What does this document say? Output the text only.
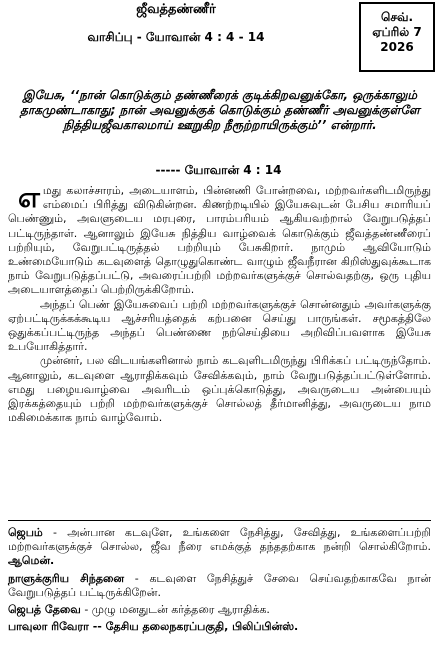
ஜீவத்தண்ணீர்
வாசிப்பு - யோவான் 4 : 4 - 14
செவ்.
ஏப்ரில் 7
2026
இயேசு, ‘‘நான் கொடுக்கும் தண்ணீரைக் குடிக்கிறவனுக்கோ, ஒருக்காலும் தாகமுண்டாகாது; நான் அவனுக்குக் கொடுக்கும் தண்ணீர் அவனுக்குள்ளே நித்தியஜீவகாலமாய் ஊறுகிற நீரூற்றாயிருக்கும்’’ என்றார்.
----- யோவான் 4 : 14

எமது கலாச்சாரம், அடையாளம், பின்னணி போன்றவை, மற்றவர்களிடமிருந்து எம்மைப் பிரித்து விடுகின்றன. கிணற்றடியில் இயேசுவுடன் பேசிய சமாரியப் பெண்ணும், அவளுடைய மரபுரை, பாரம்பரியம் ஆகியவற்றால் வேறுபடுத்தப் பட்டிருந்தாள். ஆனாலும் இயேசு நித்திய வாழ்வைக் கொடுக்கும் ஜீவத்தண்ணீரைப் பற்றியும், வேறுபட்டிருத்தல் பற்றியும் பேசுகிறார். நாமும் ஆவியோடும் உண்மையோடும் கடவுளைத் தொழுதுகொண்ட வாழும் ஜீவநீரான கிறிஸ்துவுக்கூடாக நாம் வேறுபடுத்தப்பட்டு, அவரைப்பற்றி மற்றவர்களுக்குச் சொல்வதற்கு, ஒரு புதிய அடையாளத்தைப் பெற்றிருக்கிறோம்.

அந்தப் பெண் இயேசுவைப் பற்றி மற்றவர்களுக்குச் சொன்னதும் அவர்களுக்கு ஏற்பட்டிருக்கக்கூடிய ஆச்சரியத்தைக் கற்பனை செய்து பாருங்கள். சமூகத்திலே ஒதுக்கப்பட்டிருந்த அந்தப் பெண்ணை நற்செய்தியை அறிவிப்பவளாக இயேசு உபயோகித்தார்.

முன்னர், பல விடயங்களினால் நாம் கடவுளிடமிருந்து பிரிக்கப் பட்டிருந்தோம். ஆனாலும், கடவுளை ஆராதிக்கவும் சேவிக்கவும், நாம் வேறுபடுத்தப்பட்டுள்ளோம். எமது பழையவாழ்வை அவரிடம் ஒப்புக்கொடுத்து, அவருடைய அன்பையும் இரக்கத்தையும் பற்றி மற்றவர்களுக்குச் சொல்லத் தீர்மானித்து, அவருடைய நாம மகிமைக்காக நாம் வாழ்வோம்.

ஜெபம் - அன்பான கடவுளே, உங்களை நேசித்து, சேவித்து, உங்களைப்பற்றி மற்றவர்களுக்குச் சொல்ல, ஜீவ நீரை எமக்குத் தந்ததற்காக நன்றி சொல்கிறோம். ஆமென்.

நாளுக்குரிய சிந்தனை - கடவுளை நேசித்துச் சேவை செய்வதற்காகவே நான் வேறுபடுத்தப் பட்டிருக்கிறேன்.

ஜெபத் தேவை - முழு மனதுடன் கர்த்தரை ஆராதிக்க.

பாவுலா ரிவேரா -- தேசிய தலைநகரப்பகுதி, பிலிப்பின்ஸ்.
